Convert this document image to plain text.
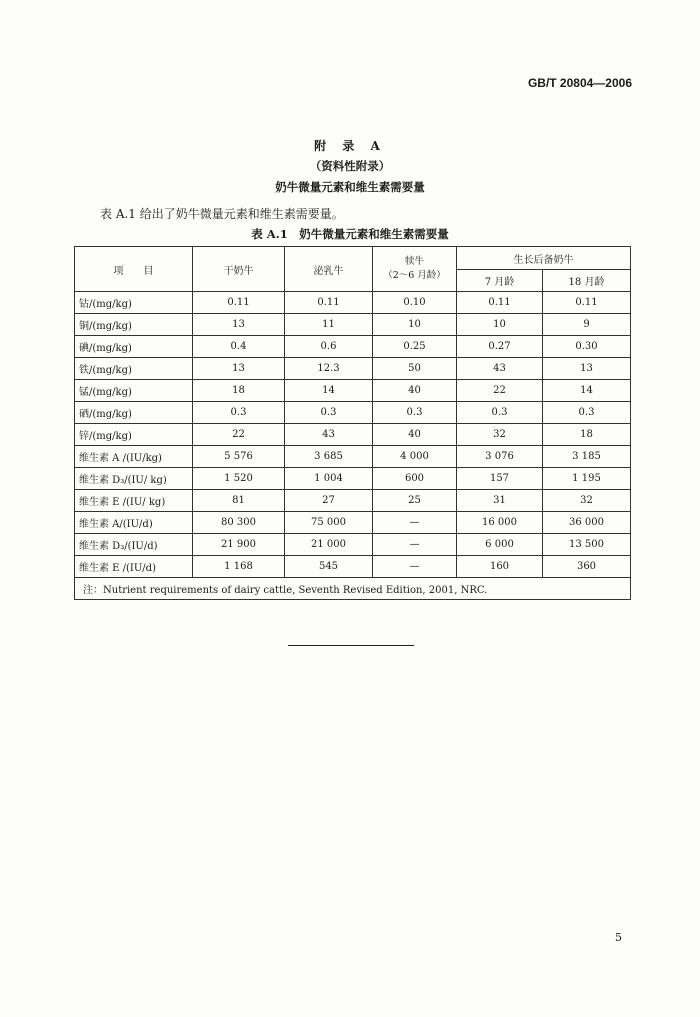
GB/T 20804—2006
附 录 A
（资料性附录）
奶牛微量元素和维生素需要量
表 A.1 给出了奶牛微量元素和维生素需要量。
表 A.1　奶牛微量元素和维生素需要量
项　　目	干奶牛	泌乳牛	犊牛
（2～6 月龄）	生长后备奶牛	
				7 月龄	18 月龄
钴/(mg/kg)	0.11	0.11	0.10	0.11	0.11
铜/(mg/kg)	13	11	10	10	9
碘/(mg/kg)	0.4	0.6	0.25	0.27	0.30
铁/(mg/kg)	13	12.3	50	43	13
锰/(mg/kg)	18	14	40	22	14
硒/(mg/kg)	0.3	0.3	0.3	0.3	0.3
锌/(mg/kg)	22	43	40	32	18
维生素 A /(IU/kg)	5 576	3 685	4 000	3 076	3 185
维生素 D₃/(IU/ kg)	1 520	1 004	600	157	1 195
维生素 E /(IU/ kg)	81	27	25	31	32
维生素 A/(IU/d)	80 300	75 000	—	16 000	36 000
维生素 D₃/(IU/d)	21 900	21 000	—	6 000	13 500
维生素 E /(IU/d)	1 168	545	—	160	360
注：Nutrient requirements of dairy cattle, Seventh Revised Edition, 2001, NRC.					
5
